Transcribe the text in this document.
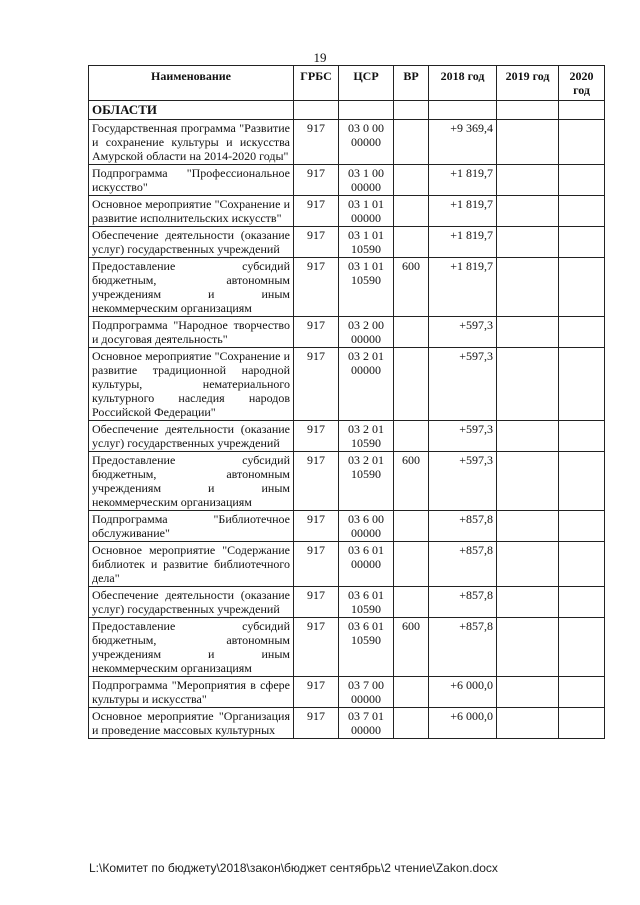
19
Наименование	ГРБС	ЦСР	ВР	2018 год	2019 год	2020 год
ОБЛАСТИ						
Государственная программа "Развитие и сохранение культуры и искусства Амурской области на 2014-2020 годы"	917	03 0 00 00000		+9 369,4		
Подпрограмма "Профессиональное искусство"	917	03 1 00 00000		+1 819,7		
Основное мероприятие "Сохранение и развитие исполнительских искусств"	917	03 1 01 00000		+1 819,7		
Обеспечение деятельности (оказание услуг) государственных учреждений	917	03 1 01 10590		+1 819,7		
Предоставление субсидий бюджетным, автономным учреждениям и иным некоммерческим организациям	917	03 1 01 10590	600	+1 819,7		
Подпрограмма "Народное творчество и досуговая деятельность"	917	03 2 00 00000		+597,3		
Основное мероприятие "Сохранение и развитие традиционной народной культуры, нематериального культурного наследия народов Российской Федерации"	917	03 2 01 00000		+597,3		
Обеспечение деятельности (оказание услуг) государственных учреждений	917	03 2 01 10590		+597,3		
Предоставление субсидий бюджетным, автономным учреждениям и иным некоммерческим организациям	917	03 2 01 10590	600	+597,3		
Подпрограмма "Библиотечное обслуживание"	917	03 6 00 00000		+857,8		
Основное мероприятие "Содержание библиотек и развитие библиотечного дела"	917	03 6 01 00000		+857,8		
Обеспечение деятельности (оказание услуг) государственных учреждений	917	03 6 01 10590		+857,8		
Предоставление субсидий бюджетным, автономным учреждениям и иным некоммерческим организациям	917	03 6 01 10590	600	+857,8		
Подпрограмма "Мероприятия в сфере культуры и искусства"	917	03 7 00 00000		+6 000,0		
Основное мероприятие "Организация и проведение массовых культурных	917	03 7 01 00000		+6 000,0		
L:\Комитет по бюджету\2018\закон\бюджет сентябрь\2 чтение\Zakon.docx
